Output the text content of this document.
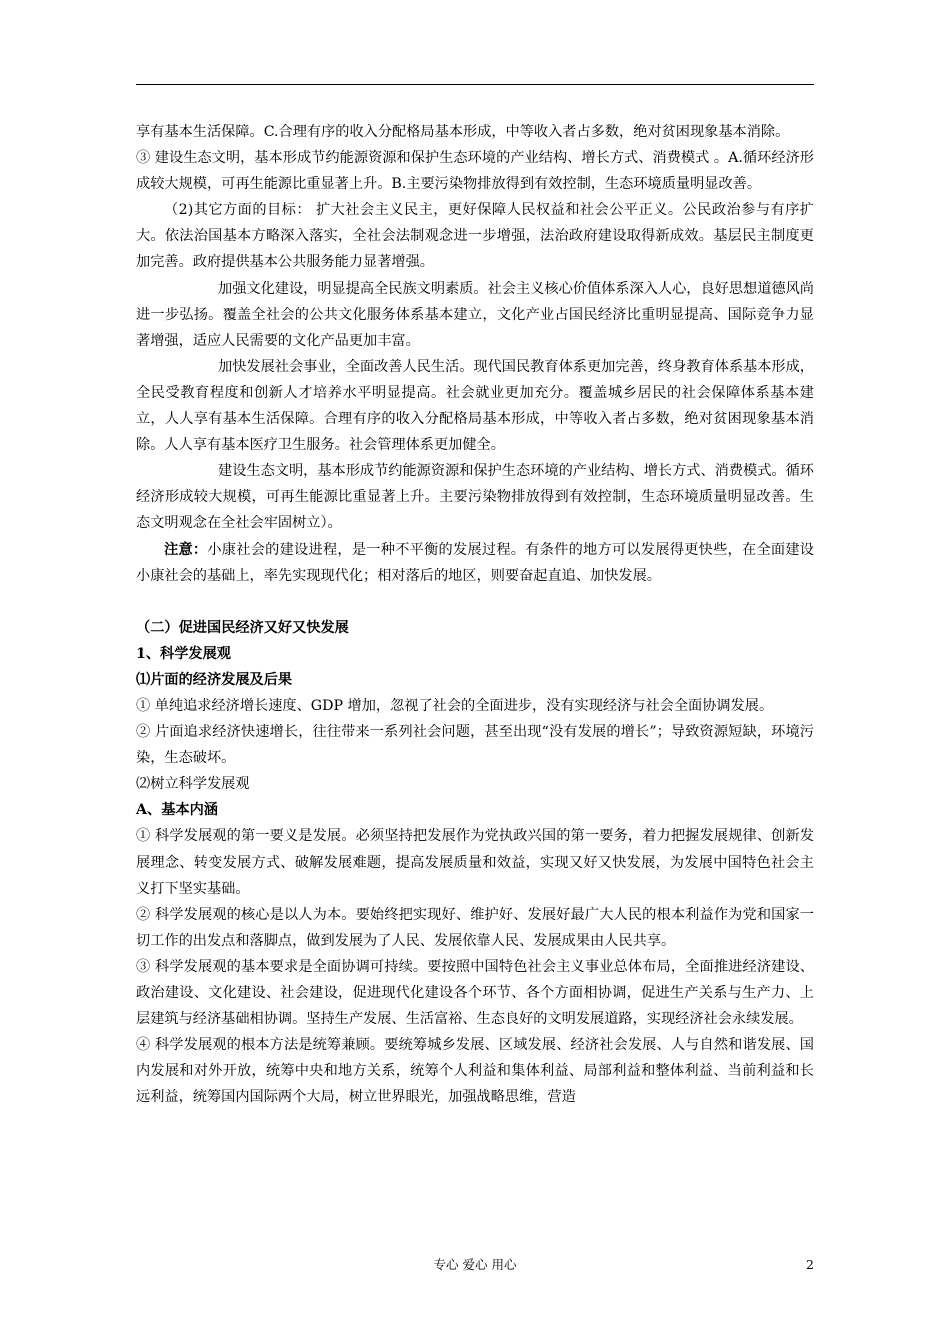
享有基本生活保障。C.合理有序的收入分配格局基本形成，中等收入者占多数，绝对贫困现象基本消除。

③ 建设生态文明，基本形成节约能源资源和保护生态环境的产业结构、增长方式、消费模式 。A.循环经济形成较大规模，可再生能源比重显著上升。B.主要污染物排放得到有效控制，生态环境质量明显改善。

（2)其它方面的目标： 扩大社会主义民主，更好保障人民权益和社会公平正义。公民政治参与有序扩大。依法治国基本方略深入落实，全社会法制观念进一步增强，法治政府建设取得新成效。基层民主制度更加完善。政府提供基本公共服务能力显著增强。

加强文化建设，明显提高全民族文明素质。社会主义核心价值体系深入人心，良好思想道德风尚进一步弘扬。覆盖全社会的公共文化服务体系基本建立，文化产业占国民经济比重明显提高、国际竞争力显著增强，适应人民需要的文化产品更加丰富。

加快发展社会事业，全面改善人民生活。现代国民教育体系更加完善，终身教育体系基本形成，全民受教育程度和创新人才培养水平明显提高。社会就业更加充分。覆盖城乡居民的社会保障体系基本建立，人人享有基本生活保障。合理有序的收入分配格局基本形成，中等收入者占多数，绝对贫困现象基本消除。人人享有基本医疗卫生服务。社会管理体系更加健全。

建设生态文明，基本形成节约能源资源和保护生态环境的产业结构、增长方式、消费模式。循环经济形成较大规模，可再生能源比重显著上升。主要污染物排放得到有效控制，生态环境质量明显改善。生态文明观念在全社会牢固树立）。

注意：小康社会的建设进程，是一种不平衡的发展过程。有条件的地方可以发展得更快些，在全面建设小康社会的基础上，率先实现现代化；相对落后的地区，则要奋起直追、加快发展。

（二）促进国民经济又好又快发展

1、科学发展观

⑴片面的经济发展及后果

① 单纯追求经济增长速度、GDP 增加，忽视了社会的全面进步，没有实现经济与社会全面协调发展。

② 片面追求经济快速增长，往往带来一系列社会问题，甚至出现“没有发展的增长”；导致资源短缺，环境污染，生态破坏。

⑵树立科学发展观

A、基本内涵

① 科学发展观的第一要义是发展。必须坚持把发展作为党执政兴国的第一要务，着力把握发展规律、创新发展理念、转变发展方式、破解发展难题，提高发展质量和效益，实现又好又快发展，为发展中国特色社会主义打下坚实基础。

② 科学发展观的核心是以人为本。要始终把实现好、维护好、发展好最广大人民的根本利益作为党和国家一切工作的出发点和落脚点，做到发展为了人民、发展依靠人民、发展成果由人民共享。

③ 科学发展观的基本要求是全面协调可持续。要按照中国特色社会主义事业总体布局，全面推进经济建设、政治建设、文化建设、社会建设，促进现代化建设各个环节、各个方面相协调，促进生产关系与生产力、上层建筑与经济基础相协调。坚持生产发展、生活富裕、生态良好的文明发展道路，实现经济社会永续发展。

④ 科学发展观的根本方法是统筹兼顾。要统筹城乡发展、区域发展、经济社会发展、人与自然和谐发展、国内发展和对外开放，统筹中央和地方关系，统筹个人利益和集体利益、局部利益和整体利益、当前利益和长远利益，统筹国内国际两个大局，树立世界眼光，加强战略思维，营造

专心 爱心 用心	2
